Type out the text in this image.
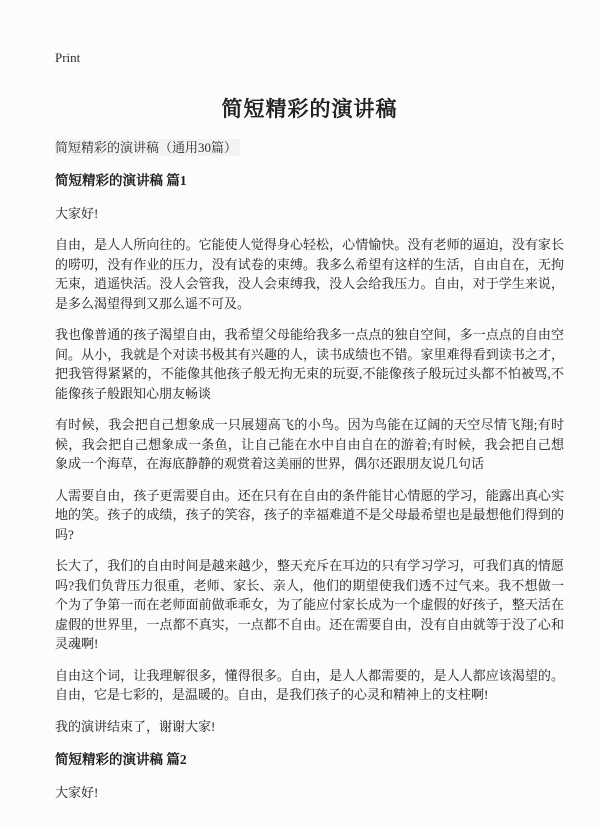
Print
简短精彩的演讲稿
简短精彩的演讲稿（通用30篇）
简短精彩的演讲稿 篇1

大家好!

自由，是人人所向往的。它能使人觉得身心轻松，心情愉快。没有老师的逼迫，没有家长的唠叨，没有作业的压力，没有试卷的束缚。我多么希望有这样的生活，自由自在，无拘无束，逍遥快活。没人会管我，没人会束缚我，没人会给我压力。自由，对于学生来说，是多么渴望得到又那么遥不可及。

我也像普通的孩子渴望自由，我希望父母能给我多一点点的独自空间，多一点点的自由空间。从小，我就是个对读书极其有兴趣的人，读书成绩也不错。家里难得看到读书之才，把我管得紧紧的，不能像其他孩子般无拘无束的玩耍,不能像孩子般玩过头都不怕被骂,不能像孩子般跟知心朋友畅谈

有时候，我会把自己想象成一只展翅高飞的小鸟。因为鸟能在辽阔的天空尽情飞翔;有时候，我会把自己想象成一条鱼，让自己能在水中自由自在的游着;有时候，我会把自己想象成一个海草，在海底静静的观赏着这美丽的世界，偶尔还跟朋友说几句话

人需要自由，孩子更需要自由。还在只有在自由的条件能甘心情愿的学习，能露出真心实地的笑。孩子的成绩，孩子的笑容，孩子的幸福难道不是父母最希望也是最想他们得到的吗?

长大了，我们的自由时间是越来越少，整天充斥在耳边的只有学习学习，可我们真的情愿吗?我们负背压力很重，老师、家长、亲人，他们的期望使我们透不过气来。我不想做一个为了争第一而在老师面前做乖乖女，为了能应付家长成为一个虚假的好孩子，整天活在虚假的世界里，一点都不真实，一点都不自由。还在需要自由，没有自由就等于没了心和灵魂啊!

自由这个词，让我理解很多，懂得很多。自由，是人人都需要的，是人人都应该渴望的。自由，它是七彩的，是温暖的。自由，是我们孩子的心灵和精神上的支柱啊!

我的演讲结束了，谢谢大家!

简短精彩的演讲稿 篇2

大家好!
